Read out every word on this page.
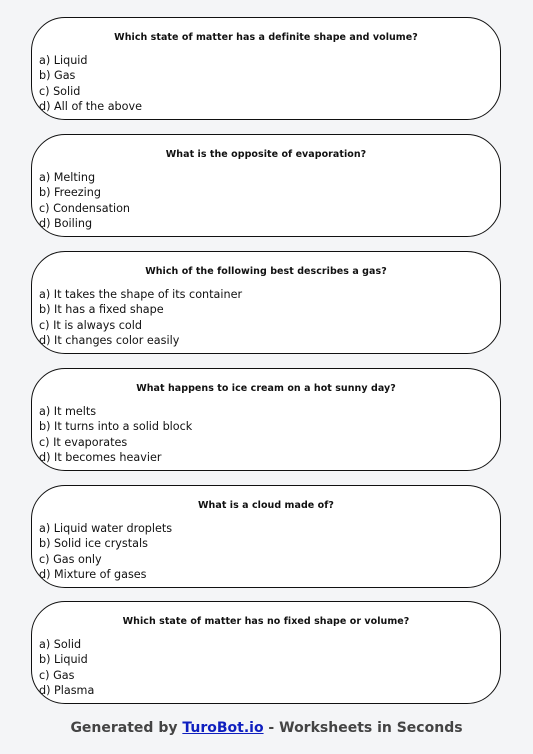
Which state of matter has a definite shape and volume?
a) Liquid
b) Gas
c) Solid
d) All of the above
What is the opposite of evaporation?
a) Melting
b) Freezing
c) Condensation
d) Boiling
Which of the following best describes a gas?
a) It takes the shape of its container
b) It has a fixed shape
c) It is always cold
d) It changes color easily
What happens to ice cream on a hot sunny day?
a) It melts
b) It turns into a solid block
c) It evaporates
d) It becomes heavier
What is a cloud made of?
a) Liquid water droplets
b) Solid ice crystals
c) Gas only
d) Mixture of gases
Which state of matter has no fixed shape or volume?
a) Solid
b) Liquid
c) Gas
d) Plasma
Generated by TuroBot.io - Worksheets in Seconds
